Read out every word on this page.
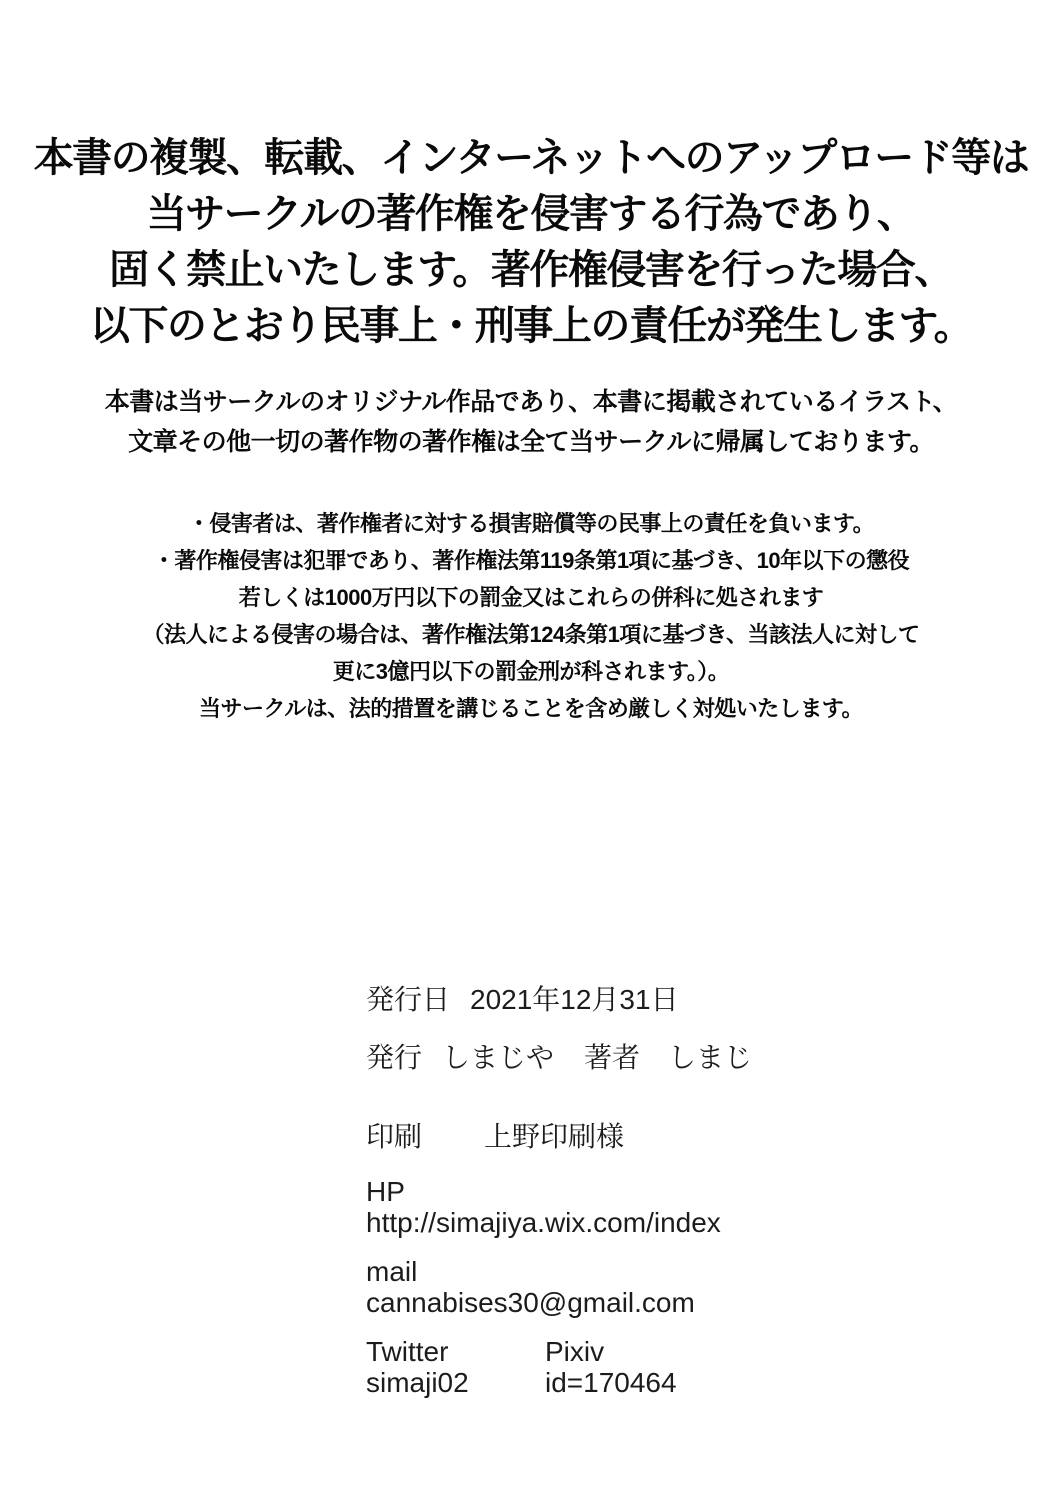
本書の複製、転載、インターネットへのアップロード等は
当サークルの著作権を侵害する行為であり、
固く禁止いたします。著作権侵害を行った場合、
以下のとおり民事上・刑事上の責任が発生します。
本書は当サークルのオリジナル作品であり、本書に掲載されているイラスト、
文章その他一切の著作物の著作権は全て当サークルに帰属しております。
・侵害者は、著作権者に対する損害賠償等の民事上の責任を負います。
・著作権侵害は犯罪であり、著作権法第119条第1項に基づき、10年以下の懲役
若しくは1000万円以下の罰金又はこれらの併科に処されます
（法人による侵害の場合は、著作権法第124条第1項に基づき、当該法人に対して
更に3億円以下の罰金刑が科されます。）。
当サークルは、法的措置を講じることを含め厳しく対処いたします。
発行日 2021年12月31日
発行 しまじや 著者 しまじ
印刷 上野印刷様
HP
http://simajiya.wix.com/index
mail
cannabises30@gmail.com
Twitter	Pixiv
simaji02	id=170464
